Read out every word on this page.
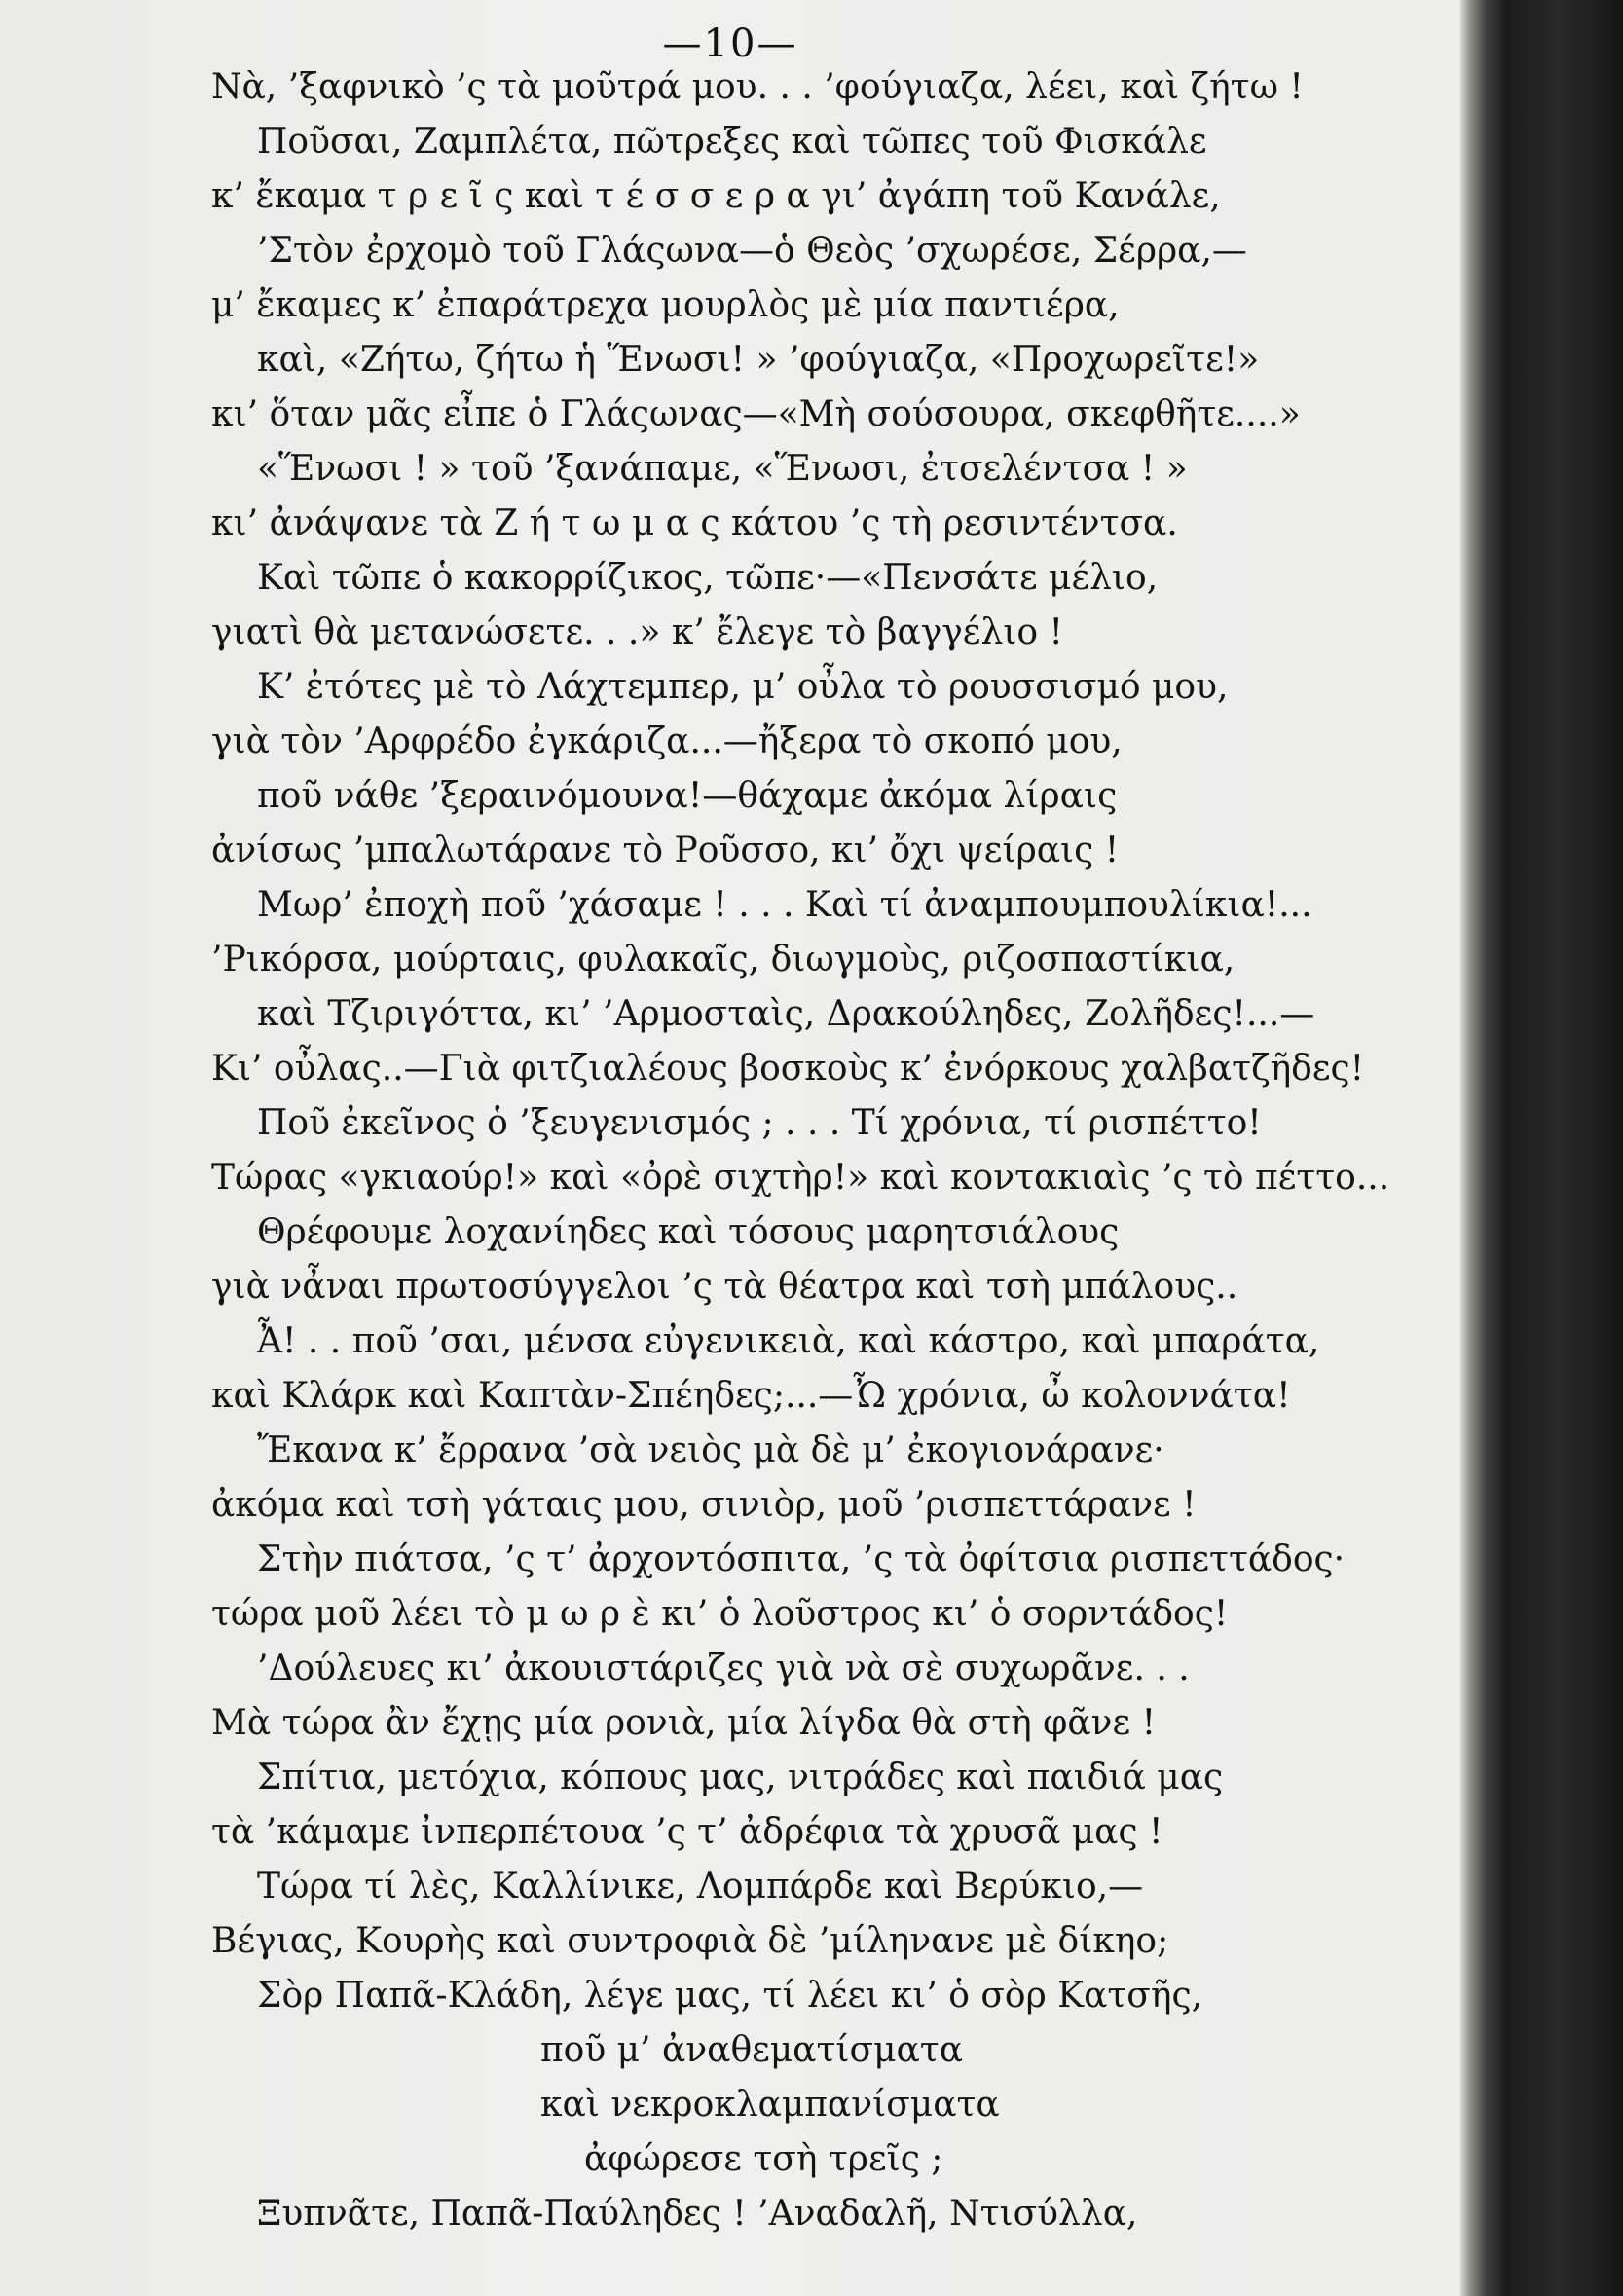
—10—
Νὰ, ’ξαφνικὸ ’ς τὰ μοῦτρά μου. . . ’φούγιαζα, λέει, καὶ ζήτω !
Ποῦσαι, Ζαμπλέτα, πῶτρεξες καὶ τῶπες τοῦ Φισκάλε
κ’ ἔκαμα τ ρ ε ῖ ς καὶ τ έ σ σ ε ρ α γι’ ἀγάπη τοῦ Κανάλε,
’Στὸν ἐρχομὸ τοῦ Γλάςωνα—ὁ Θεὸς ’σχωρέσε, Σέρρα,—
μ’ ἔκαμες κ’ ἐπαράτρεχα μουρλὸς μὲ μία παντιέρα,
καὶ, «Ζήτω, ζήτω ἡ Ἕνωσι! » ’φούγιαζα, «Προχωρεῖτε!»
κι’ ὅταν μᾶς εἶπε ὁ Γλάςωνας—«Μὴ σούσουρα, σκεφθῆτε....»
«Ἕνωσι ! » τοῦ ’ξανάπαμε, «Ἕνωσι, ἐτσελέντσα ! »
κι’ ἀνάψανε τὰ Ζ ή τ ω μ α ς κάτου ’ς τὴ ρεσιντέντσα.
Καὶ τῶπε ὁ κακορρίζικος, τῶπε·—«Πενσάτε μέλιο,
γιατὶ θὰ μετανώσετε. . .» κ’ ἔλεγε τὸ βαγγέλιο !
Κ’ ἐτότες μὲ τὸ Λάχτεμπερ, μ’ οὖλα τὸ ρουσσισμό μου,
γιὰ τὸν ’Αρφρέδο ἐγκάριζα...—ἤξερα τὸ σκοπό μου,
ποῦ νάθε ’ξεραινόμουνα!—θάχαμε ἀκόμα λίραις
ἀνίσως ’μπαλωτάρανε τὸ Ροῦσσο, κι’ ὄχι ψείραις !
Μωρ’ ἐποχὴ ποῦ ’χάσαμε ! . . . Καὶ τί ἀναμπουμπουλίκια!...
’Ρικόρσα, μούρταις, φυλακαῖς, διωγμοὺς, ριζοσπαστίκια,
καὶ Τζιριγόττα, κι’ ’Αρμοσταὶς, Δρακούληδες, Ζολῆδες!...—
Κι’ οὖλας..—Γιὰ φιτζιαλέους βοσκοὺς κ’ ἐνόρκους χαλβατζῆδες!
Ποῦ ἐκεῖνος ὁ ’ξευγενισμός ; . . . Τί χρόνια, τί ρισπέττο!
Τώρας «γκιαούρ!» καὶ «ὀρὲ σιχτὴρ!» καὶ κοντακιαὶς ’ς τὸ πέττο...
Θρέφουμε λοχανίηδες καὶ τόσους μαρητσιάλους
γιὰ νἆναι πρωτοσύγγελοι ’ς τὰ θέατρα καὶ τσὴ μπάλους..
Ἆ! . . ποῦ ’σαι, μένσα εὐγενικειὰ, καὶ κάστρο, καὶ μπαράτα,
καὶ Κλάρκ καὶ Καπτὰν-Σπέηδες;...—Ὦ χρόνια, ὦ κολοννάτα!
Ἔκανα κ’ ἔρρανα ’σὰ νειὸς μὰ δὲ μ’ ἐκογιονάρανε·
ἀκόμα καὶ τσὴ γάταις μου, σινιὸρ, μοῦ ’ρισπεττάρανε !
Στὴν πιάτσα, ’ς τ’ ἀρχοντόσπιτα, ’ς τὰ ὀφίτσια ρισπεττάδος·
τώρα μοῦ λέει τὸ μ ω ρ ὲ κι’ ὁ λοῦστρος κι’ ὁ σορντάδος!
’Δούλευες κι’ ἀκουιστάριζες γιὰ νὰ σὲ συχωρᾶνε. . .
Μὰ τώρα ἂν ἔχῃς μία ρονιὰ, μία λίγδα θὰ στὴ φᾶνε !
Σπίτια, μετόχια, κόπους μας, νιτράδες καὶ παιδιά μας
τὰ ’κάμαμε ἰνπερπέτουα ’ς τ’ ἀδρέφια τὰ χρυσᾶ μας !
Τώρα τί λὲς, Καλλίνικε, Λομπάρδε καὶ Βερύκιο,—
Βέγιας, Κουρὴς καὶ συντροφιὰ δὲ ’μίληνανε μὲ δίκηο;
Σὸρ Παπᾶ-Κλάδη, λέγε μας, τί λέει κι’ ὁ σὸρ Κατσῆς,
ποῦ μ’ ἀναθεματίσματα
καὶ νεκροκλαμπανίσματα
ἀφώρεσε τσὴ τρεῖς ;
Ξυπνᾶτε, Παπᾶ-Παύληδες ! ’Αναδαλῆ, Ντισύλλα,
